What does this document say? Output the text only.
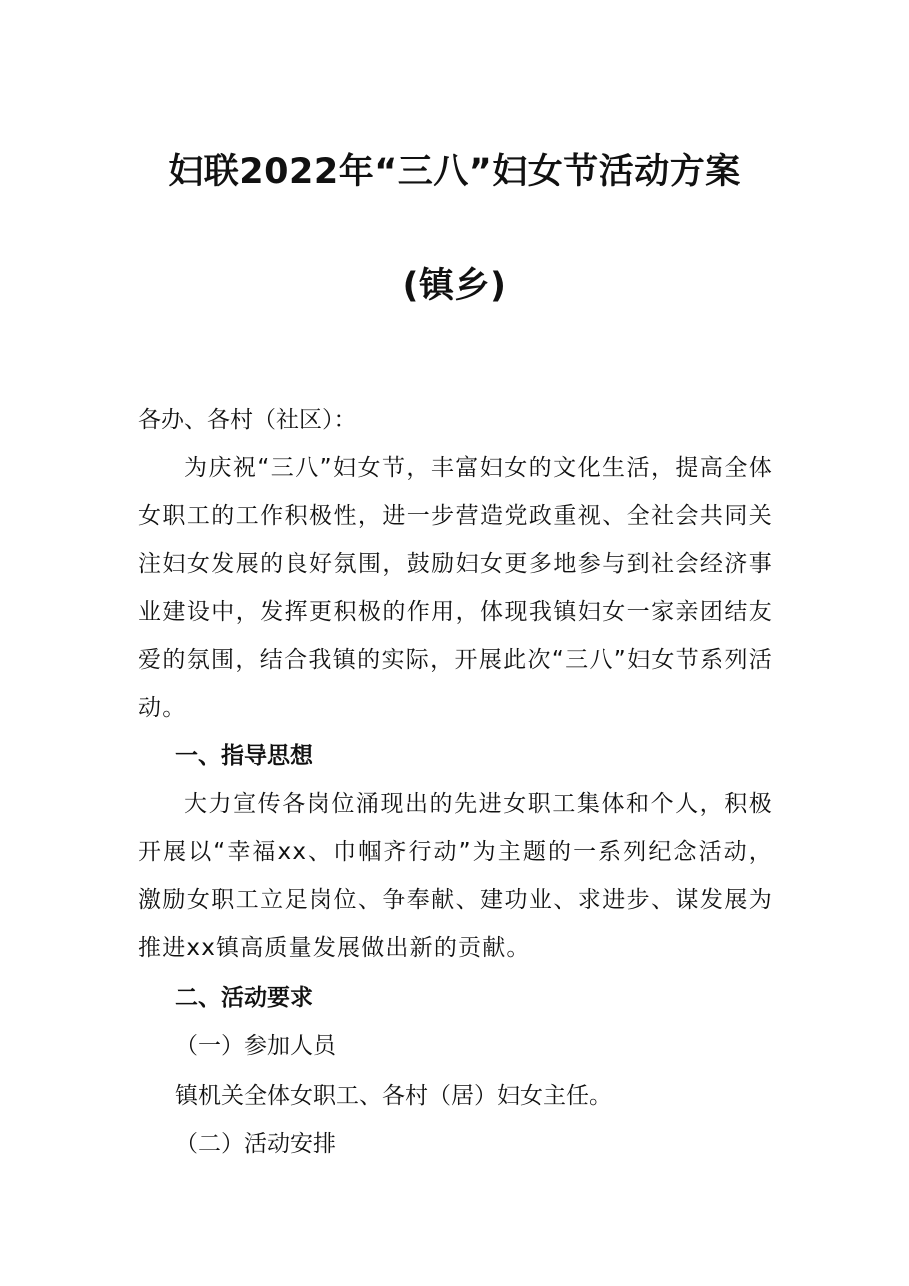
妇联2022年“三八”妇女节活动方案
(镇乡)
各办、各村（社区）：

为庆祝“三八”妇女节，丰富妇女的文化生活，提高全体女职工的工作积极性，进一步营造党政重视、全社会共同关注妇女发展的良好氛围，鼓励妇女更多地参与到社会经济事业建设中，发挥更积极的作用，体现我镇妇女一家亲团结友爱的氛围，结合我镇的实际，开展此次“三八”妇女节系列活动。

一、指导思想

大力宣传各岗位涌现出的先进女职工集体和个人，积极开展以“幸福xx、巾帼齐行动”为主题的一系列纪念活动，激励女职工立足岗位、争奉献、建功业、求进步、谋发展为推进xx镇高质量发展做出新的贡献。

二、活动要求
（一）参加人员
镇机关全体女职工、各村（居）妇女主任。
（二）活动安排
